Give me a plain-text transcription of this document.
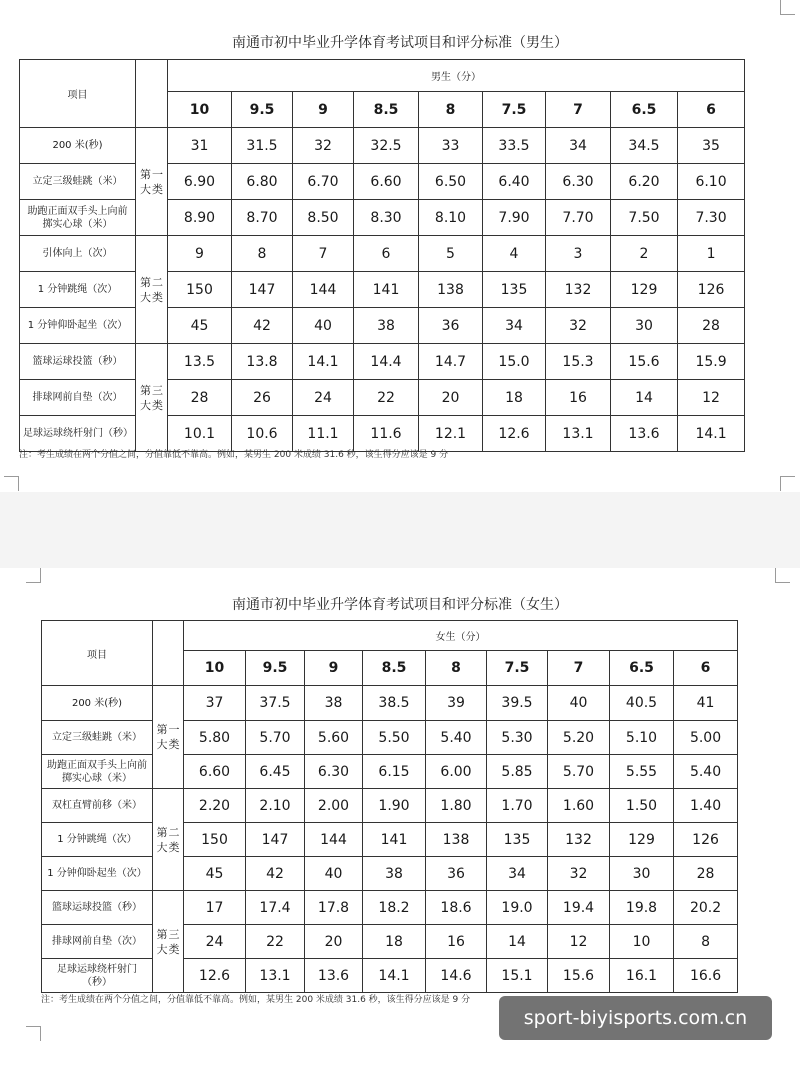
南通市初中毕业升学体育考试项目和评分标准（男生）
项目		男生（分）								
		10	9.5	9	8.5	8	7.5	7	6.5	6
200 米(秒)	第一大类	31	31.5	32	32.5	33	33.5	34	34.5	35
立定三级蛙跳（米）		6.90	6.80	6.70	6.60	6.50	6.40	6.30	6.20	6.10
助跑正面双手头上向前掷实心球（米）		8.90	8.70	8.50	8.30	8.10	7.90	7.70	7.50	7.30
引体向上（次）	第二大类	9	8	7	6	5	4	3	2	1
1 分钟跳绳（次）		150	147	144	141	138	135	132	129	126
1 分钟仰卧起坐（次）		45	42	40	38	36	34	32	30	28
篮球运球投篮（秒）	第三大类	13.5	13.8	14.1	14.4	14.7	15.0	15.3	15.6	15.9
排球网前自垫（次）		28	26	24	22	20	18	16	14	12
足球运球绕杆射门（秒）		10.1	10.6	11.1	11.6	12.1	12.6	13.1	13.6	14.1
注：考生成绩在两个分值之间，分值靠低不靠高。例如，某男生 200 米成绩 31.6 秒，该生得分应该是 9 分
南通市初中毕业升学体育考试项目和评分标准（女生）
项目		女生（分）								
		10	9.5	9	8.5	8	7.5	7	6.5	6
200 米(秒)	第一大类	37	37.5	38	38.5	39	39.5	40	40.5	41
立定三级蛙跳（米）		5.80	5.70	5.60	5.50	5.40	5.30	5.20	5.10	5.00
助跑正面双手头上向前掷实心球（米）		6.60	6.45	6.30	6.15	6.00	5.85	5.70	5.55	5.40
双杠直臂前移（米）	第二大类	2.20	2.10	2.00	1.90	1.80	1.70	1.60	1.50	1.40
1 分钟跳绳（次）		150	147	144	141	138	135	132	129	126
1 分钟仰卧起坐（次）		45	42	40	38	36	34	32	30	28
篮球运球投篮（秒）	第三大类	17	17.4	17.8	18.2	18.6	19.0	19.4	19.8	20.2
排球网前自垫（次）		24	22	20	18	16	14	12	10	8
足球运球绕杆射门（秒）		12.6	13.1	13.6	14.1	14.6	15.1	15.6	16.1	16.6
注：考生成绩在两个分值之间，分值靠低不靠高。例如，某男生 200 米成绩 31.6 秒，该生得分应该是 9 分
sport-biyisports.com.cn
